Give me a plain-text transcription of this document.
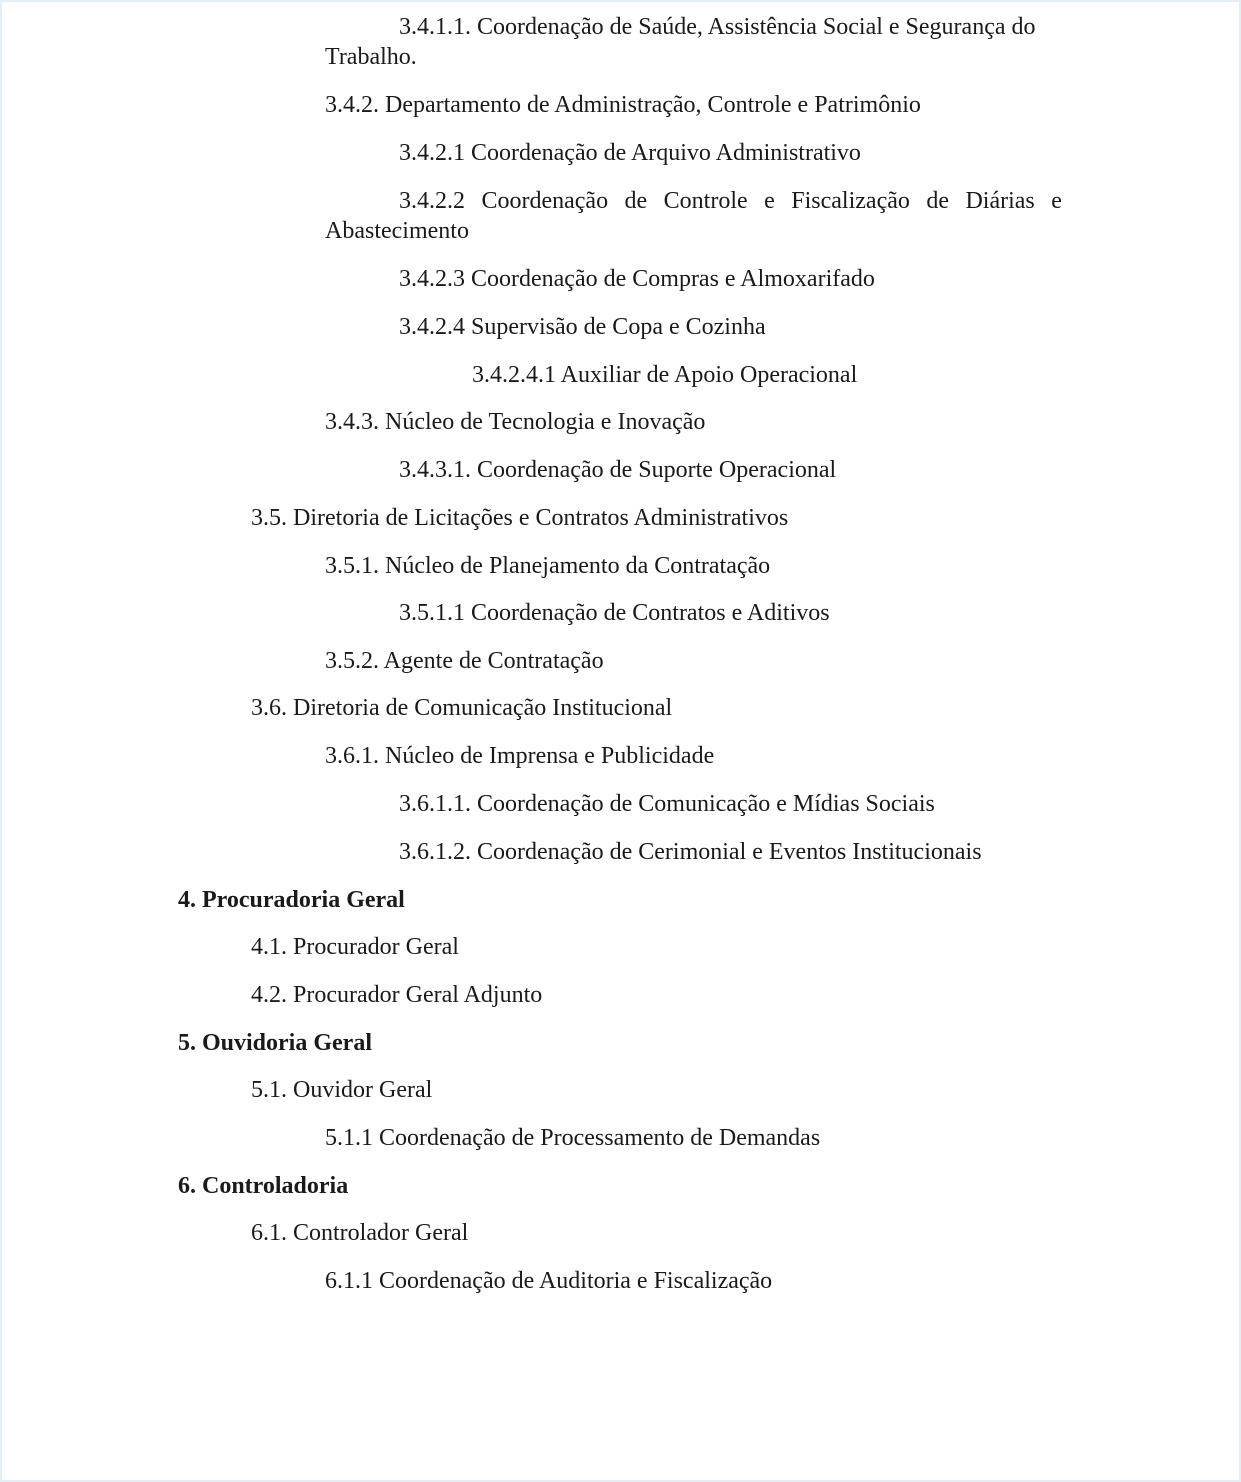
3.4.1.1. Coordenação de Saúde, Assistência Social e Segurança do
Trabalho.
3.4.2. Departamento de Administração, Controle e Patrimônio
3.4.2.1 Coordenação de Arquivo Administrativo
3.4.2.2 Coordenação de Controle e Fiscalização de Diárias e
Abastecimento
3.4.2.3 Coordenação de Compras e Almoxarifado
3.4.2.4 Supervisão de Copa e Cozinha
3.4.2.4.1 Auxiliar de Apoio Operacional
3.4.3. Núcleo de Tecnologia e Inovação
3.4.3.1. Coordenação de Suporte Operacional
3.5. Diretoria de Licitações e Contratos Administrativos
3.5.1. Núcleo de Planejamento da Contratação
3.5.1.1 Coordenação de Contratos e Aditivos
3.5.2. Agente de Contratação
3.6. Diretoria de Comunicação Institucional
3.6.1. Núcleo de Imprensa e Publicidade
3.6.1.1. Coordenação de Comunicação e Mídias Sociais
3.6.1.2. Coordenação de Cerimonial e Eventos Institucionais
4. Procuradoria Geral
4.1. Procurador Geral
4.2. Procurador Geral Adjunto
5. Ouvidoria Geral
5.1. Ouvidor Geral
5.1.1 Coordenação de Processamento de Demandas
6. Controladoria
6.1. Controlador Geral
6.1.1 Coordenação de Auditoria e Fiscalização
